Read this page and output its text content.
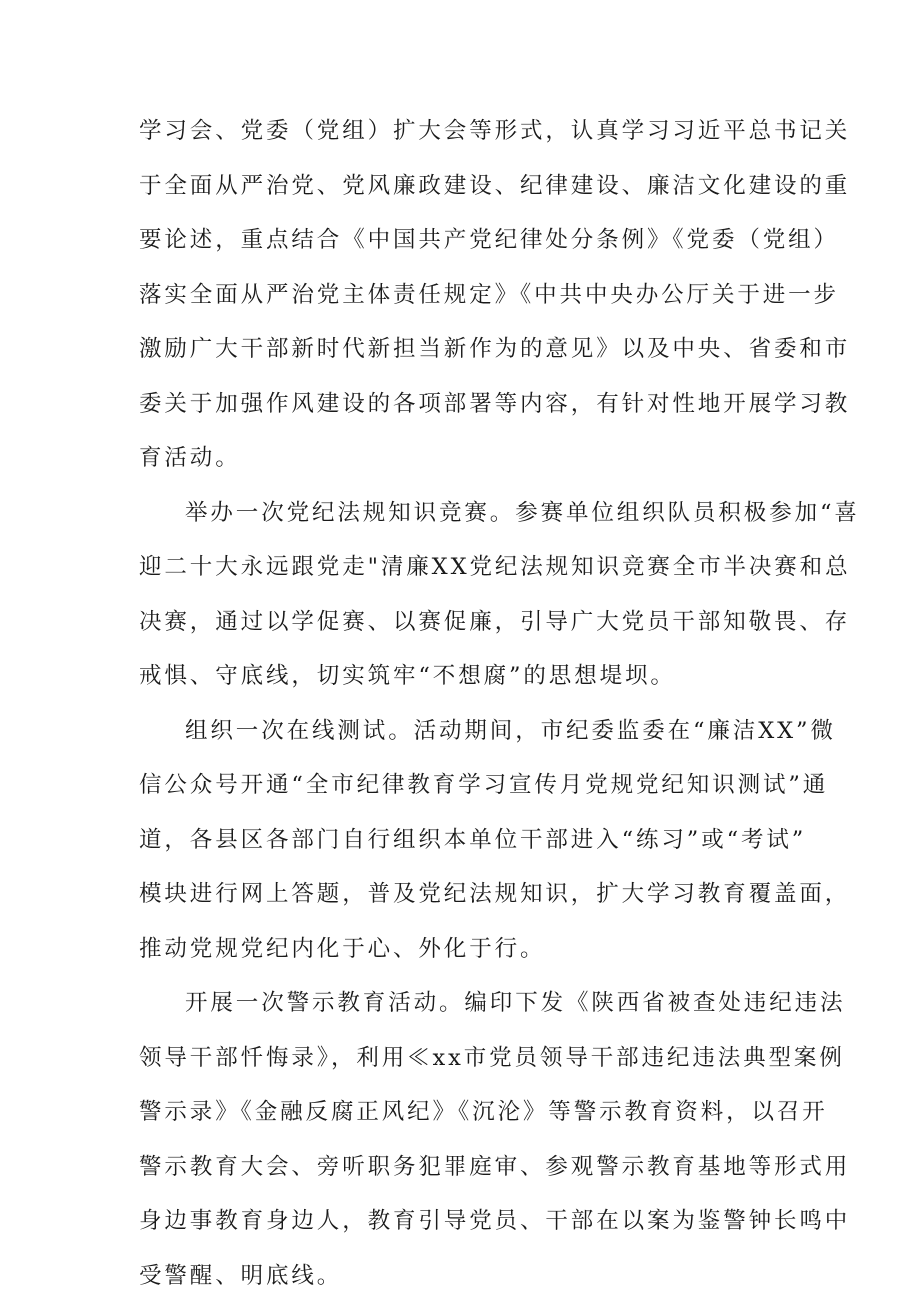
学习会、党委（党组）扩大会等形式，认真学习习近平总书记关
于全面从严治党、党风廉政建设、纪律建设、廉洁文化建设的重
要论述，重点结合《中国共产党纪律处分条例》《党委（党组）
落实全面从严治党主体责任规定》《中共中央办公厅关于进一步
激励广大干部新时代新担当新作为的意见》以及中央、省委和市
委关于加强作风建设的各项部署等内容，有针对性地开展学习教
育活动。
举办一次党纪法规知识竞赛。参赛单位组织队员积极参加“喜
迎二十大永远跟党走"清廉XX党纪法规知识竞赛全市半决赛和总
决赛，通过以学促赛、以赛促廉，引导广大党员干部知敬畏、存
戒惧、守底线，切实筑牢“不想腐”的思想堤坝。
组织一次在线测试。活动期间，市纪委监委在“廉洁XX”微
信公众号开通“全市纪律教育学习宣传月党规党纪知识测试”通
道，各县区各部门自行组织本单位干部进入“练习”或“考试”
模块进行网上答题，普及党纪法规知识，扩大学习教育覆盖面，
推动党规党纪内化于心、外化于行。
开展一次警示教育活动。编印下发《陕西省被查处违纪违法
领导干部忏悔录》，利用≪xx市党员领导干部违纪违法典型案例
警示录》《金融反腐正风纪》《沉沦》等警示教育资料，以召开
警示教育大会、旁听职务犯罪庭审、参观警示教育基地等形式用
身边事教育身边人，教育引导党员、干部在以案为鉴警钟长鸣中
受警醒、明底线。
